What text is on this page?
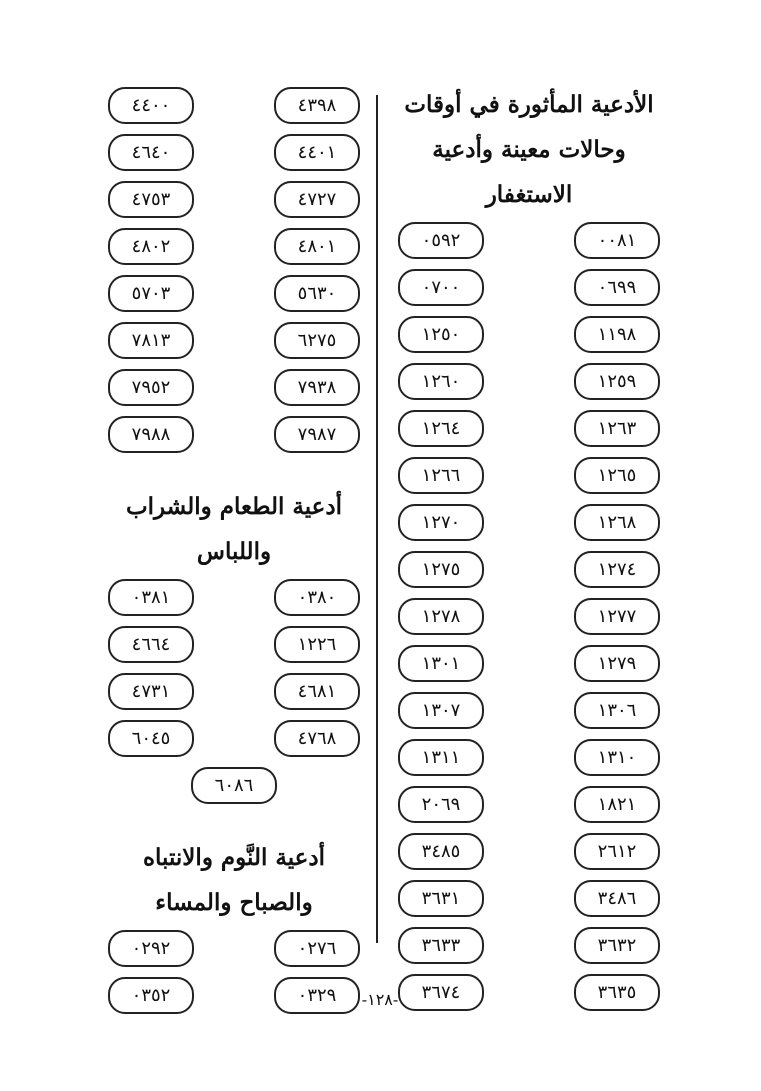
الأدعية المأثورة في أوقات وحالات معينة وأدعية الاستغفار
٠٠٨١
٠٥٩٢
٠٦٩٩
٠٧٠٠
١١٩٨
١٢٥٠
١٢٥٩
١٢٦٠
١٢٦٣
١٢٦٤
١٢٦٥
١٢٦٦
١٢٦٨
١٢٧٠
١٢٧٤
١٢٧٥
١٢٧٧
١٢٧٨
١٢٧٩
١٣٠١
١٣٠٦
١٣٠٧
١٣١٠
١٣١١
١٨٢١
٢٠٦٩
٢٦١٢
٣٤٨٥
٣٤٨٦
٣٦٣١
٣٦٣٢
٣٦٣٣
٣٦٣٥
٣٦٧٤
٤٣٩٨
٤٤٠٠
٤٤٠١
٤٦٤٠
٤٧٢٧
٤٧٥٣
٤٨٠١
٤٨٠٢
٥٦٣٠
٥٧٠٣
٦٢٧٥
٧٨١٣
٧٩٣٨
٧٩٥٢
٧٩٨٧
٧٩٨٨
أدعية الطعام والشراب واللباس
٠٣٨٠
٠٣٨١
١٢٢٦
٤٦٦٤
٤٦٨١
٤٧٣١
٤٧٦٨
٦٠٤٥
٦٠٨٦
أدعية النَّوم والانتباه والصباح والمساء
٠٢٧٦
٠٢٩٢
٠٣٢٩
٠٣٥٢	-١٢٨-
